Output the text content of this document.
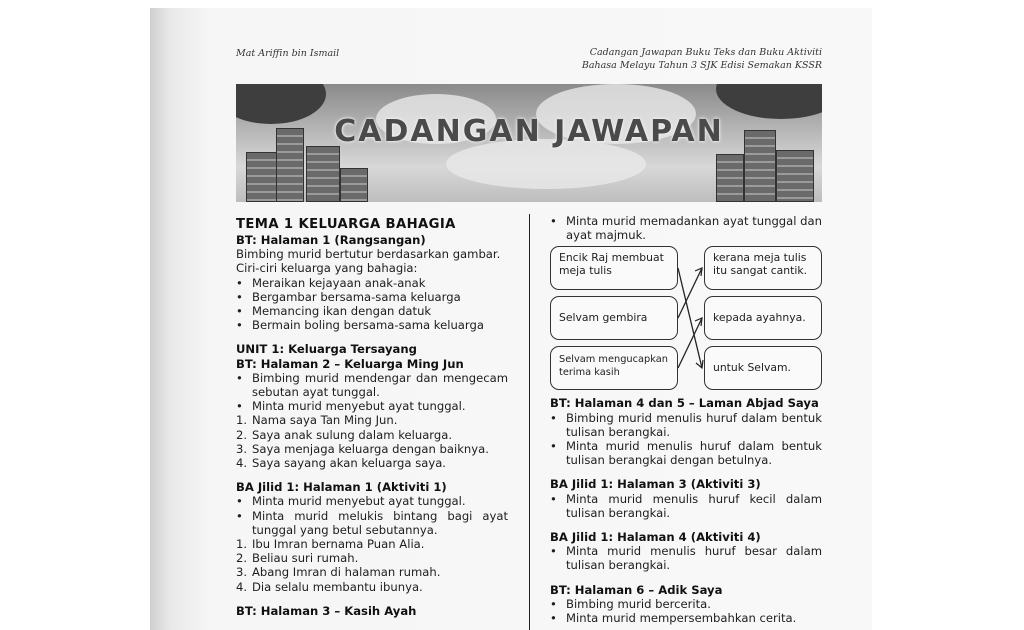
Mat Ariffin bin Ismail	Cadangan Jawapan Buku Teks dan Buku Aktiviti
Bahasa Melayu Tahun 3 SJK Edisi Semakan KSSR
CADANGAN JAWAPAN
TEMA 1 KELUARGA BAHAGIA
BT: Halaman 1 (Rangsangan)

Bimbing murid bertutur berdasarkan gambar.

Ciri-ciri keluarga yang bahagia:

• Meraikan kejayaan anak-anak
• Bergambar bersama-sama keluarga
• Memancing ikan dengan datuk
• Bermain boling bersama-sama keluarga
UNIT 1: Keluarga Tersayang
BT: Halaman 2 – Keluarga Ming Jun
• Bimbing murid mendengar dan mengecam sebutan ayat tunggal.
• Minta murid menyebut ayat tunggal.
1. Nama saya Tan Ming Jun.
2. Saya anak sulung dalam keluarga.
3. Saya menjaga keluarga dengan baiknya.
4. Saya sayang akan keluarga saya.
BA Jilid 1: Halaman 1 (Aktiviti 1)
• Minta murid menyebut ayat tunggal.
• Minta murid melukis bintang bagi ayat tunggal yang betul sebutannya.
1. Ibu Imran bernama Puan Alia.
2. Beliau suri rumah.
3. Abang Imran di halaman rumah.
4. Dia selalu membantu ibunya.
BT: Halaman 3 – Kasih Ayah
• Minta murid memadankan ayat tunggal dan ayat majmuk.
Encik Raj membuat meja tulis
Selvam gembira
Selvam mengucapkan terima kasih
kerana meja tulis itu sangat cantik.
kepada ayahnya.
untuk Selvam.
BT: Halaman 4 dan 5 – Laman Abjad Saya
• Bimbing murid menulis huruf dalam bentuk tulisan berangkai.
• Minta murid menulis huruf dalam bentuk tulisan berangkai dengan betulnya.
BA Jilid 1: Halaman 3 (Aktiviti 3)
• Minta murid menulis huruf kecil dalam tulisan berangkai.
BA Jilid 1: Halaman 4 (Aktiviti 4)
• Minta murid menulis huruf besar dalam tulisan berangkai.
BT: Halaman 6 – Adik Saya
• Bimbing murid bercerita.
• Minta murid mempersembahkan cerita.
